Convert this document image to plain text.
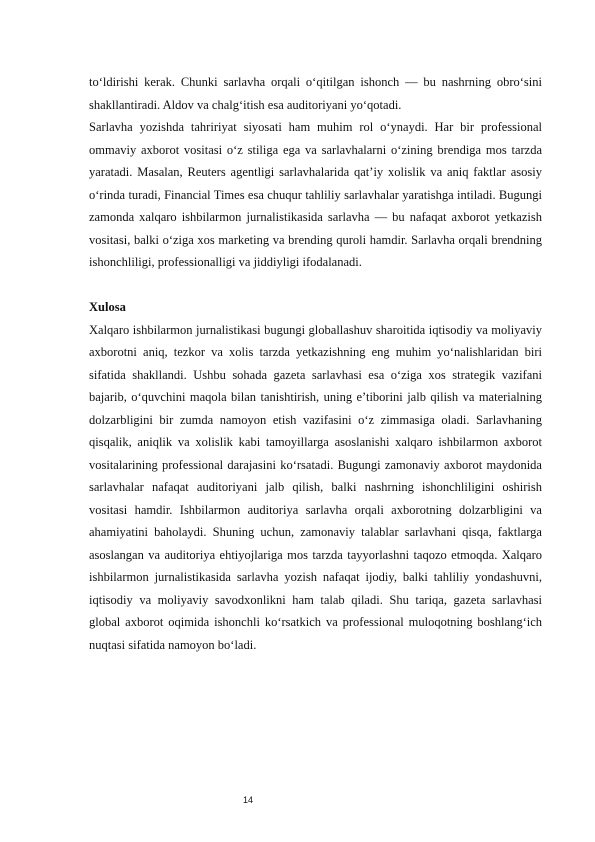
to‘ldirishi kerak. Chunki sarlavha orqali o‘qitilgan ishonch — bu nashrning obro‘sini shakllantiradi. Aldov va chalg‘itish esa auditoriyani yo‘qotadi.

Sarlavha yozishda tahririyat siyosati ham muhim rol o‘ynaydi. Har bir professional ommaviy axborot vositasi o‘z stiliga ega va sarlavhalarni o‘zining brendiga mos tarzda yaratadi. Masalan, Reuters agentligi sarlavhalarida qat’iy xolislik va aniq faktlar asosiy o‘rinda turadi, Financial Times esa chuqur tahliliy sarlavhalar yaratishga intiladi. Bugungi zamonda xalqaro ishbilarmon jurnalistikasida sarlavha — bu nafaqat axborot yetkazish vositasi, balki o‘ziga xos marketing va brending quroli hamdir. Sarlavha orqali brendning ishonchliligi, professionalligi va jiddiyligi ifodalanadi.

Xulosa

Xalqaro ishbilarmon jurnalistikasi bugungi globallashuv sharoitida iqtisodiy va moliyaviy axborotni aniq, tezkor va xolis tarzda yetkazishning eng muhim yo‘nalishlaridan biri sifatida shakllandi. Ushbu sohada gazeta sarlavhasi esa o‘ziga xos strategik vazifani bajarib, o‘quvchini maqola bilan tanishtirish, uning e’tiborini jalb qilish va materialning dolzarbligini bir zumda namoyon etish vazifasini o‘z zimmasiga oladi. Sarlavhaning qisqalik, aniqlik va xolislik kabi tamoyillarga asoslanishi xalqaro ishbilarmon axborot vositalarining professional darajasini ko‘rsatadi. Bugungi zamonaviy axborot maydonida sarlavhalar nafaqat auditoriyani jalb qilish, balki nashrning ishonchliligini oshirish vositasi hamdir. Ishbilarmon auditoriya sarlavha orqali axborotning dolzarbligini va ahamiyatini baholaydi. Shuning uchun, zamonaviy talablar sarlavhani qisqa, faktlarga asoslangan va auditoriya ehtiyojlariga mos tarzda tayyorlashni taqozo etmoqda. Xalqaro ishbilarmon jurnalistikasida sarlavha yozish nafaqat ijodiy, balki tahliliy yondashuvni, iqtisodiy va moliyaviy savodxonlikni ham talab qiladi. Shu tariqa, gazeta sarlavhasi global axborot oqimida ishonchli ko‘rsatkich va professional muloqotning boshlang‘ich nuqtasi sifatida namoyon bo‘ladi.

14
